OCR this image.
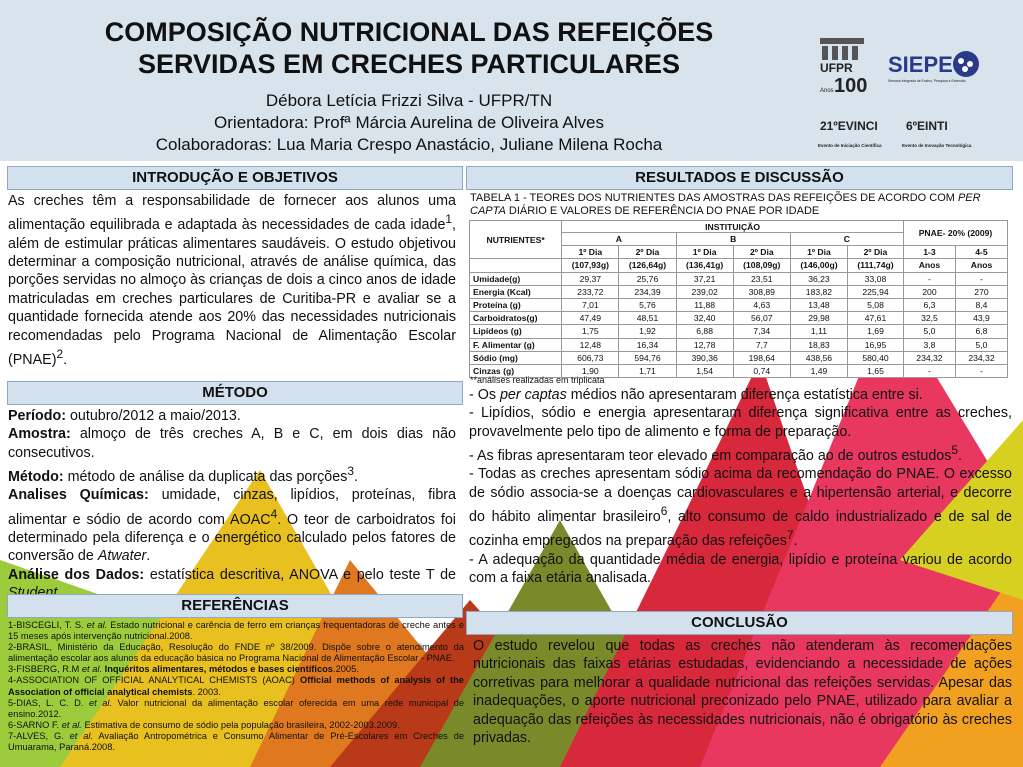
COMPOSIÇÃO NUTRICIONAL DAS REFEIÇÕES
SERVIDAS EM CRECHES PARTICULARES
Débora Letícia Frizzi Silva - UFPR/TN
Orientadora: Profª Márcia Aurelina de Oliveira Alves
Colaboradoras: Lua Maria Crespo Anastácio, Juliane Milena Rocha
UFPR
100
Anos
SIEPE
Semana Integrada de Ensino, Pesquisa e Extensão
21ºEVINCI
Evento de Iniciação Científica
6ºEINTI
Evento de Inovação Tecnológica
INTRODUÇÃO E OBJETIVOS

As creches têm a responsabilidade de fornecer aos alunos uma alimentação equilibrada e adaptada às necessidades de cada idade$^1$, além de estimular práticas alimentares saudáveis. O estudo objetivou determinar a composição nutricional, através de análise química, das porções servidas no almoço às crianças de dois a cinco anos de idade matriculadas em creches particulares de Curitiba-PR e avaliar se a quantidade fornecida atende aos 20% das necessidades nutricionais recomendadas pelo Programa Nacional de Alimentação Escolar (PNAE)$^2$.

MÉTODO

Período: outubro/2012 a maio/2013.

Amostra: almoço de três creches A, B e C, em dois dias não consecutivos.

Método: método de análise da duplicata das porções$^3$.

Analises Químicas: umidade, cinzas, lipídios, proteínas, fibra alimentar e sódio de acordo com AOAC$^4$. O teor de carboidratos foi determinado pela diferença e o energético calculado pelos fatores de conversão de Atwater.

Análise dos Dados: estatística descritiva, ANOVA e pelo teste T de

REFERÊNCIAS

1-BISCEGLI, T. S. et al. Estado nutricional e carência de ferro em crianças frequentadoras de creche antes e 15 meses após intervenção nutricional.2008.

2-BRASIL, Ministério da Educação, Resolução do FNDE nº 38/2009. Dispõe sobre o atendimento da alimentação escolar aos alunos da educação básica no Programa Nacional de Alimentação Escolar - PNAE.

3-FISBERG, R.M et al. Inquéritos alimentares, métodos e bases científicos.2005.

4-ASSOCIATION OF OFFICIAL ANALYTICAL CHEMISTS (AOAC) Official methods of analysis of the Association of official analytical chemists. 2003.

5-DIAS, L. C. D. et al. Valor nutricional da alimentação escolar oferecida em uma rede municipal de ensino.2012.

6-SARNO F. et al. Estimativa de consumo de sódio pela população brasileira, 2002-2003.2009.

7-ALVES, G. et al. Avaliação Antropométrica e Consumo Alimentar de Pré-Escolares em Creches de Umuarama, Paraná.2008.

RESULTADOS E DISCUSSÃO
TABELA 1 - TEORES DOS NUTRIENTES DAS AMOSTRAS DAS REFEIÇÕES DE ACORDO COM PER CAPTA DIÁRIO E VALORES DE REFERÊNCIA DO PNAE POR IDADE
NUTRIENTES*	INSTITUIÇÃO						PNAE- 20% (2009)	
	A		B		C			
	1º Dia	2º Dia	1º Dia	2º Dia	1º Dia	2º Dia	1-3	4-5
	(107,93g)	(126,64g)	(136,41g)	(108,09g)	(146,00g)	(111,74g)	Anos	Anos
Umidade(g)	29,37	25,76	37,21	23,51	36,23	33,08	-	-
Energia (Kcal)	233,72	234,39	239,02	308,89	183,82	225,94	200	270
Proteína (g)	7,01	5,76	11,88	4,63	13,48	5,08	6,3	8,4
Carboidratos(g)	47,49	48,51	32,40	56,07	29,98	47,61	32,5	43,9
Lipídeos (g)	1,75	1,92	6,88	7,34	1,11	1,69	5,0	6,8
F. Alimentar (g)	12,48	16,34	12,78	7,7	18,83	16,95	3,8	5,0
Sódio (mg)	606,73	594,76	390,36	198,64	438,56	580,40	234,32	234,32
Cinzas (g)	1,90	1,71	1,54	0,74	1,49	1,65	-	-
**análises realizadas em triplicata

- Os per captas médios não apresentaram diferença estatística entre si.

- Lipídios, sódio e energia apresentaram diferença significativa entre as creches, provavelmente pelo tipo de alimento e forma de preparação.

- As fibras apresentaram teor elevado em comparação ao de outros estudos$^5$.

- Todas as creches apresentam sódio acima da recomendação do PNAE. O excesso de sódio associa-se a doenças cardiovasculares e a hipertensão arterial, e decorre do hábito alimentar brasileiro$^6$, alto consumo de caldo industrializado e de sal de cozinha empregados na preparação das refeições$^7$.

- A adequação da quantidade média de energia, lipídio e proteína variou de acordo com a faixa etária analisada.

CONCLUSÃO
O estudo revelou que todas as creches não atenderam às recomendações nutricionais das faixas etárias estudadas, evidenciando a necessidade de ações corretivas para melhorar a qualidade nutricional das refeições servidas. Apesar das inadequações, o aporte nutricional preconizado pelo PNAE, utilizado para avaliar a adequação das refeições às necessidades nutricionais, não é obrigatório às creches privadas.
